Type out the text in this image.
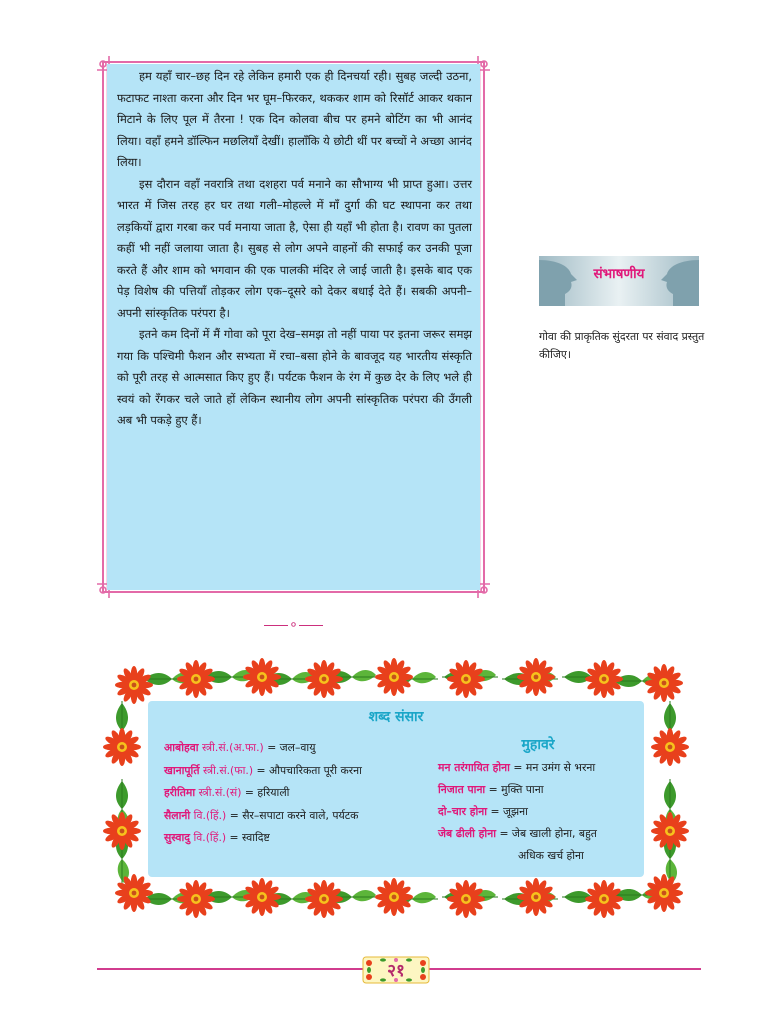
हम यहाँ चार–छह दिन रहे लेकिन हमारी एक ही दिनचर्या रही। सुबह जल्दी उठना, फटाफट नाश्ता करना और दिन भर घूम–फिरकर, थककर शाम को रिसॉर्ट आकर थकान मिटाने के लिए पूल में तैरना ! एक दिन कोलवा बीच पर हमने बोटिंग का भी आनंद लिया। वहाँ हमने डॉल्फिन मछलियाँ देखीं। हालाँकि ये छोटी थीं पर बच्चों ने अच्छा आनंद लिया।

इस दौरान वहाँ नवरात्रि तथा दशहरा पर्व मनाने का सौभाग्य भी प्राप्त हुआ। उत्तर भारत में जिस तरह हर घर तथा गली–मोहल्ले में माँ दुर्गा की घट स्थापना कर तथा लड़कियों द्वारा गरबा कर पर्व मनाया जाता है, ऐसा ही यहाँ भी होता है। रावण का पुतला कहीं भी नहीं जलाया जाता है। सुबह से लोग अपने वाहनों की सफाई कर उनकी पूजा करते हैं और शाम को भगवान की एक पालकी मंदिर ले जाई जाती है। इसके बाद एक पेड़ विशेष की पत्तियाँ तोड़कर लोग एक–दूसरे को देकर बधाई देते हैं। सबकी अपनी–अपनी सांस्कृतिक परंपरा है।

इतने कम दिनों में मैं गोवा को पूरा देख–समझ तो नहीं पाया पर इतना जरूर समझ गया कि पश्चिमी फैशन और सभ्यता में रचा–बसा होने के बावजूद यह भारतीय संस्कृति को पूरी तरह से आत्मसात किए हुए हैं। पर्यटक फैशन के रंग में कुछ देर के लिए भले ही स्वयं को रँगकर चले जाते हों लेकिन स्थानीय लोग अपनी सांस्कृतिक परंपरा की उँगली अब भी पकड़े हुए हैं।

०
संभाषणीय
गोवा की प्राकृतिक सुंदरता पर संवाद प्रस्तुत कीजिए।
शब्द संसार
आबोहवा स्त्री.सं.(अ.फा.) = जल–वायु
खानापूर्ति स्त्री.सं.(फा.) = औपचारिकता पूरी करना
हरीतिमा स्त्री.सं.(सं) = हरियाली
सैलानी वि.(हिं.) = सैर–सपाटा करने वाले, पर्यटक
सुस्वादु वि.(हिं.) = स्वादिष्ट
मुहावरे
मन तरंगायित होना = मन उमंग से भरना
निजात पाना = मुक्ति पाना
दो–चार होना = जूझना
जेब ढीली होना = जेब खाली होना, बहुत
अधिक खर्च होना
२१
